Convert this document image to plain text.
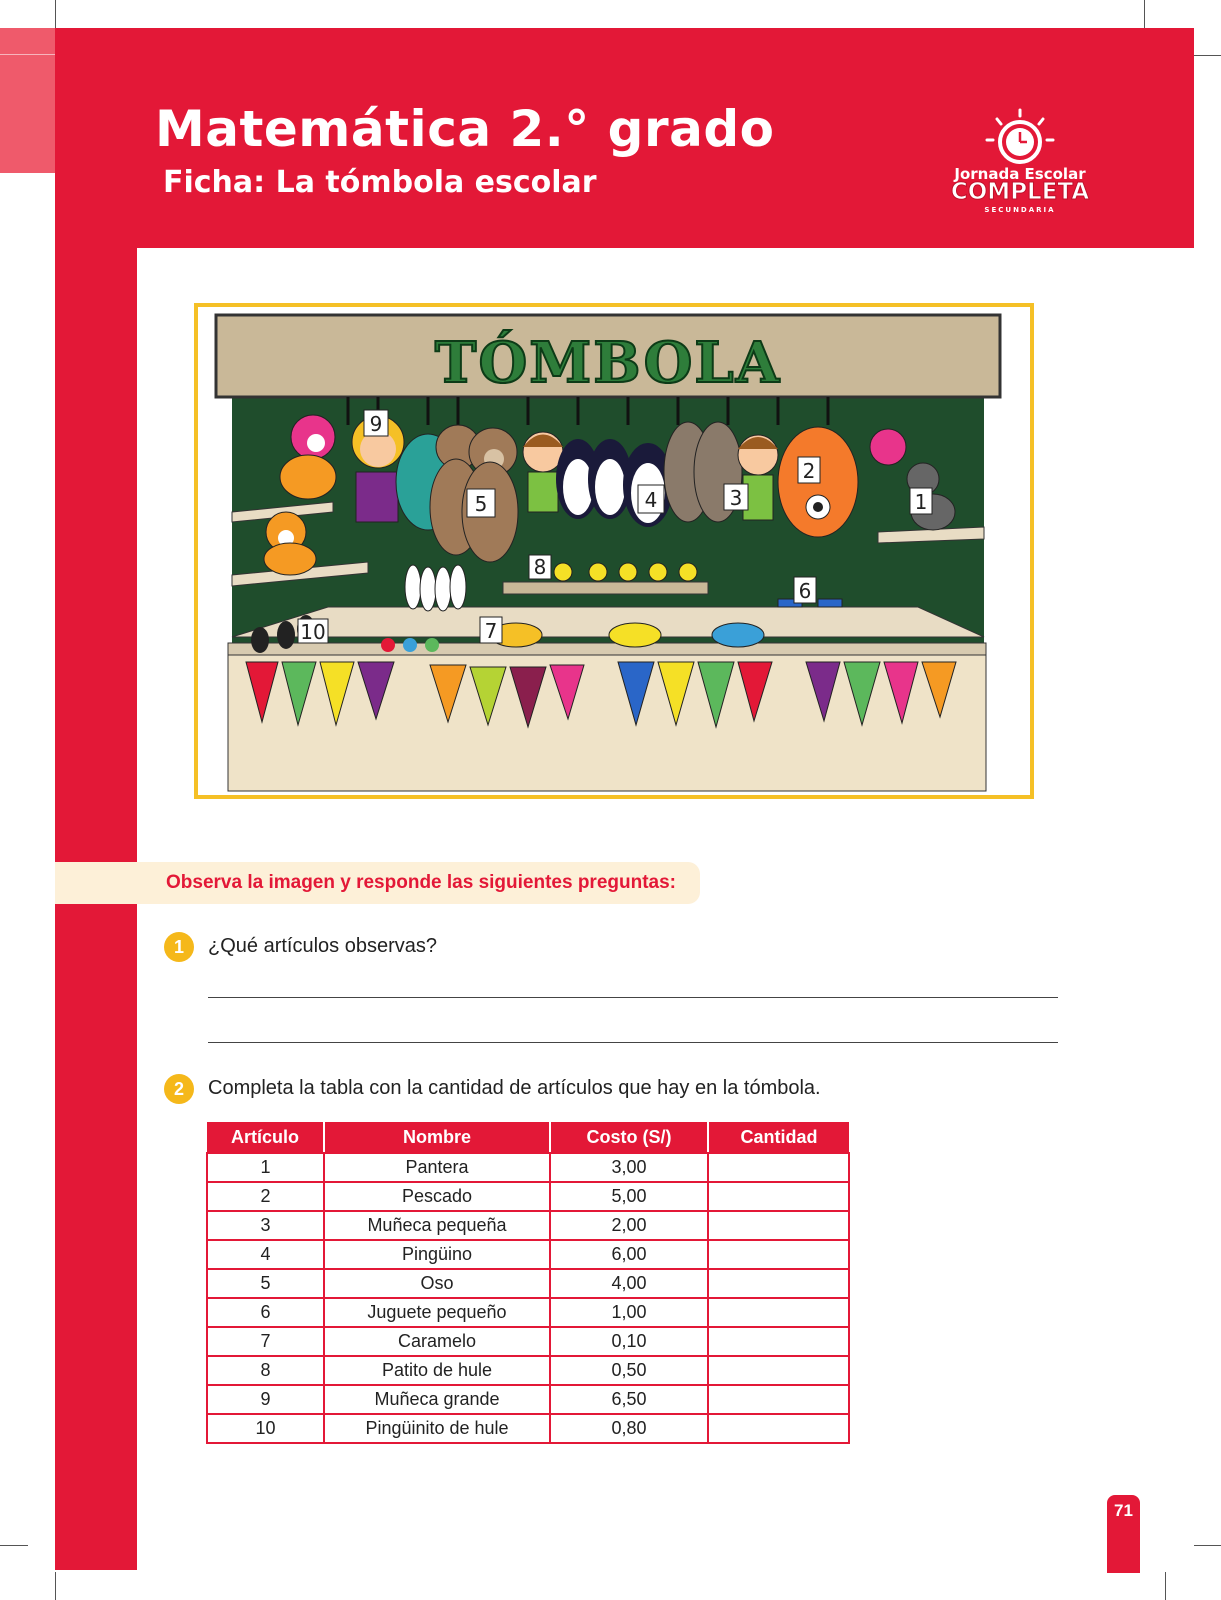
Matemática 2.° grado
Ficha: La tómbola escolar	Jornada Escolar
COMPLETA
SECUNDARIA
TÓMBOLA
1
2
3
4
5
6
7
8
9
10
Observa la imagen y responde las siguientes preguntas:
1	¿Qué artículos observas?
2	Completa la tabla con la cantidad de artículos que hay en la tómbola.
Artículo	Nombre	Costo (S/)	Cantidad
1	Pantera	3,00	
2	Pescado	5,00	
3	Muñeca pequeña	2,00	
4	Pingüino	6,00	
5	Oso	4,00	
6	Juguete pequeño	1,00	
7	Caramelo	0,10	
8	Patito de hule	0,50	
9	Muñeca grande	6,50	
10	Pingüinito de hule	0,80	
71
